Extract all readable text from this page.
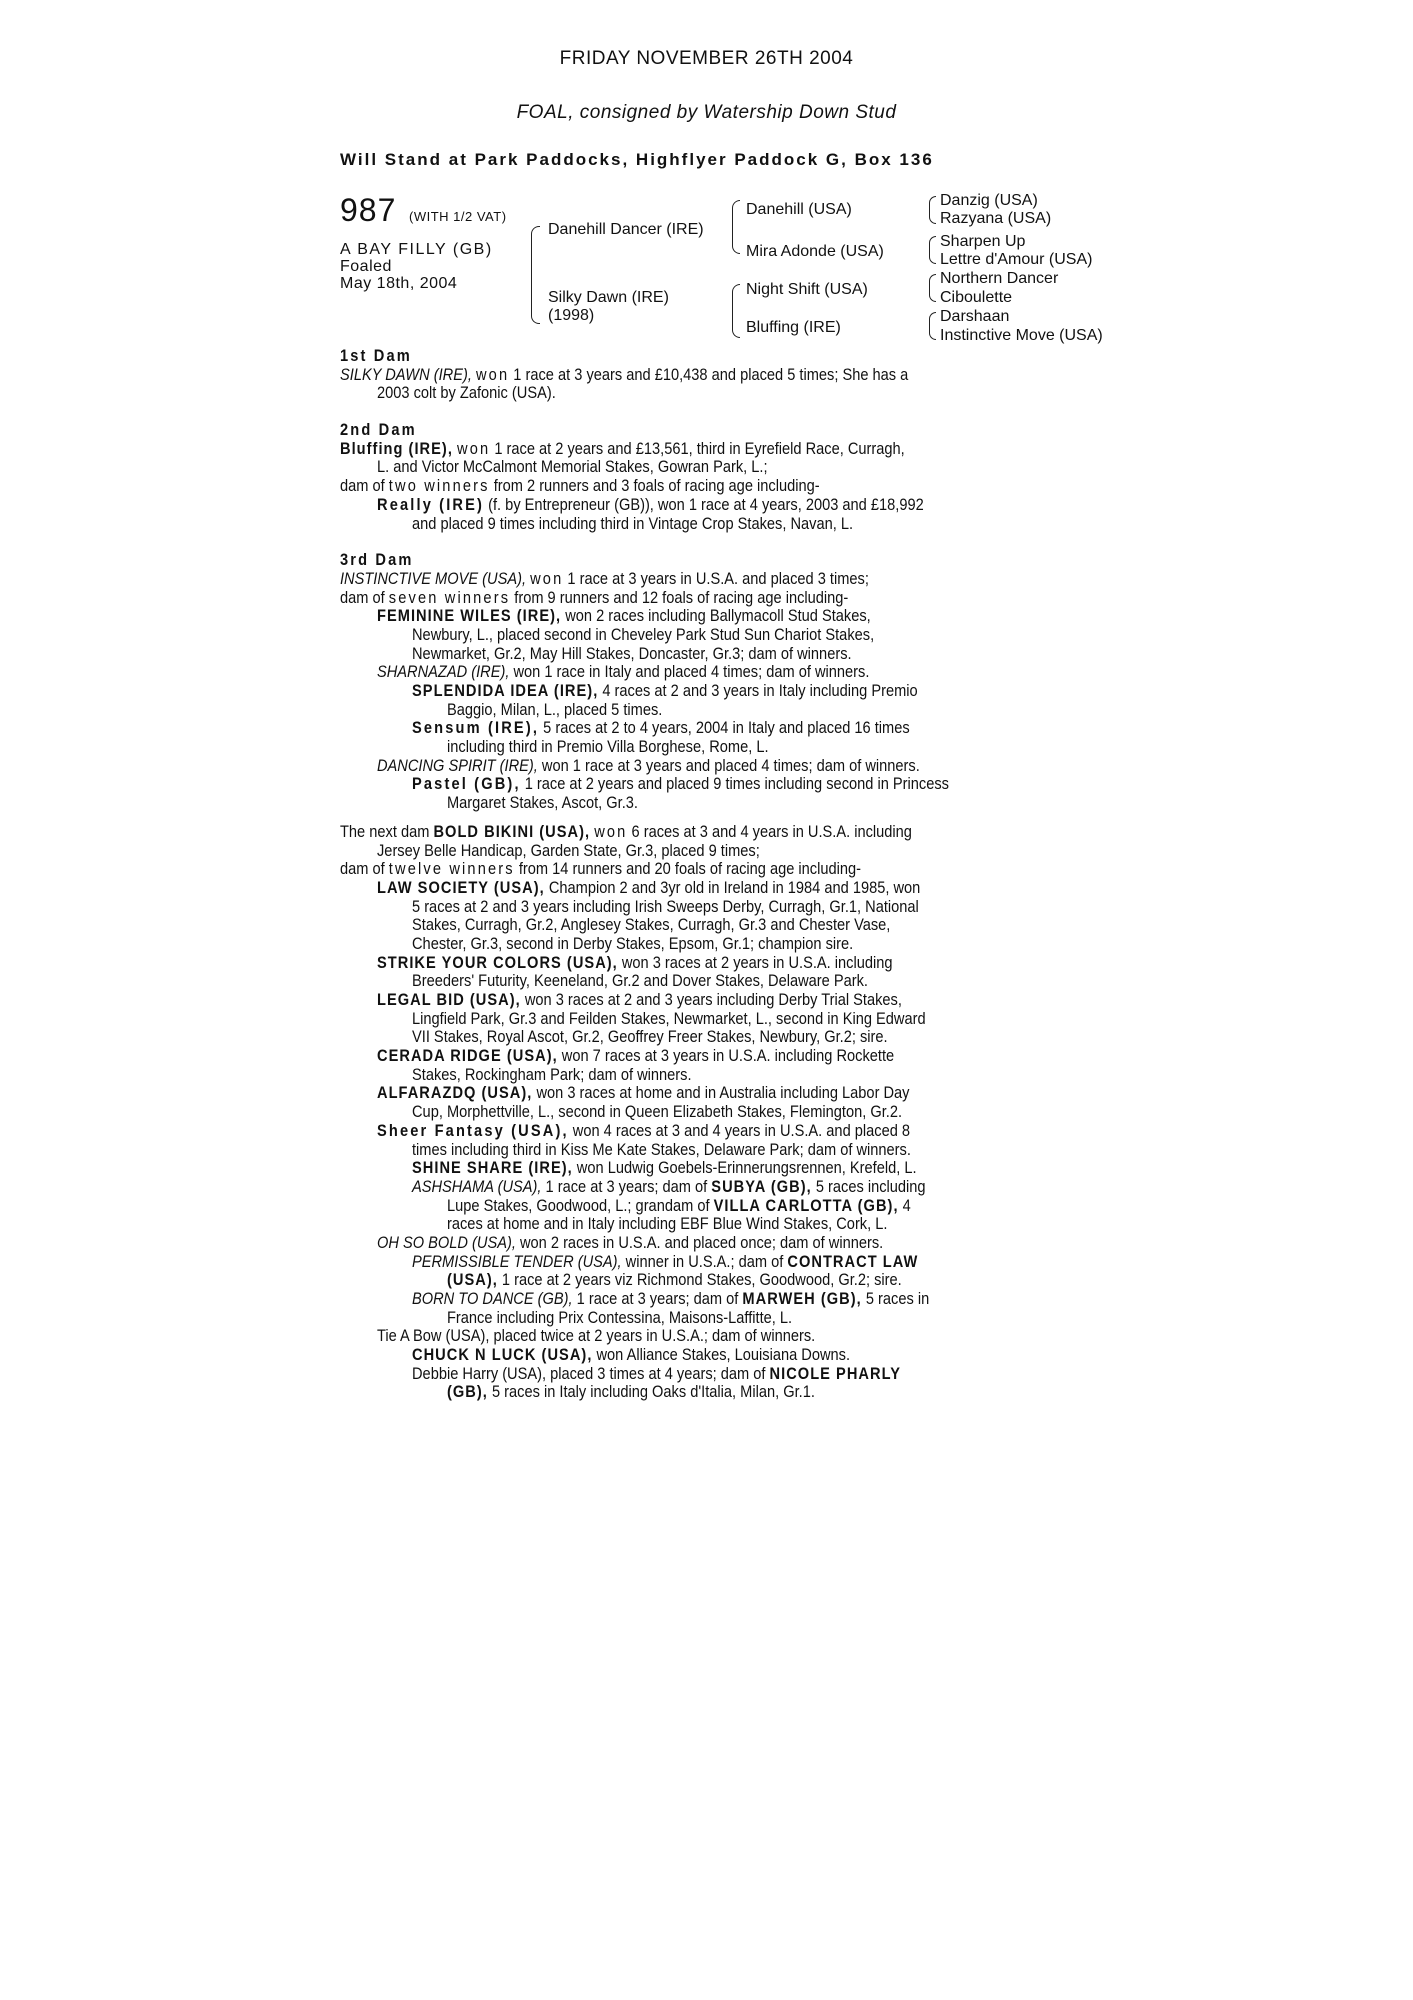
FRIDAY NOVEMBER 26TH 2004
FOAL, consigned by Watership Down Stud
Will Stand at Park Paddocks, Highflyer Paddock G, Box 136
987 (WITH 1/2 VAT)
A BAY FILLY (GB)
Foaled
May 18th, 2004
Danehill Dancer (IRE)
Silky Dawn (IRE)
(1998)
Danehill (USA)
Mira Adonde (USA)
Night Shift (USA)
Bluffing (IRE)
Danzig (USA)
Razyana (USA)
Sharpen Up
Lettre d'Amour (USA)
Northern Dancer
Ciboulette
Darshaan
Instinctive Move (USA)
1st Dam
SILKY DAWN (IRE), won 1 race at 3 years and £10,438 and placed 5 times; She has a
2003 colt by Zafonic (USA).
2nd Dam
Bluffing (IRE), won 1 race at 2 years and £13,561, third in Eyrefield Race, Curragh,
L. and Victor McCalmont Memorial Stakes, Gowran Park, L.;
dam of two winners from 2 runners and 3 foals of racing age including-
Really (IRE) (f. by Entrepreneur (GB)), won 1 race at 4 years, 2003 and £18,992
and placed 9 times including third in Vintage Crop Stakes, Navan, L.
3rd Dam
INSTINCTIVE MOVE (USA), won 1 race at 3 years in U.S.A. and placed 3 times;
dam of seven winners from 9 runners and 12 foals of racing age including-
FEMININE WILES (IRE), won 2 races including Ballymacoll Stud Stakes,
Newbury, L., placed second in Cheveley Park Stud Sun Chariot Stakes,
Newmarket, Gr.2, May Hill Stakes, Doncaster, Gr.3; dam of winners.
SHARNAZAD (IRE), won 1 race in Italy and placed 4 times; dam of winners.
SPLENDIDA IDEA (IRE), 4 races at 2 and 3 years in Italy including Premio
Baggio, Milan, L., placed 5 times.
Sensum (IRE), 5 races at 2 to 4 years, 2004 in Italy and placed 16 times
including third in Premio Villa Borghese, Rome, L.
DANCING SPIRIT (IRE), won 1 race at 3 years and placed 4 times; dam of winners.
Pastel (GB), 1 race at 2 years and placed 9 times including second in Princess
Margaret Stakes, Ascot, Gr.3.
The next dam BOLD BIKINI (USA), won 6 races at 3 and 4 years in U.S.A. including
Jersey Belle Handicap, Garden State, Gr.3, placed 9 times;
dam of twelve winners from 14 runners and 20 foals of racing age including-
LAW SOCIETY (USA), Champion 2 and 3yr old in Ireland in 1984 and 1985, won
5 races at 2 and 3 years including Irish Sweeps Derby, Curragh, Gr.1, National
Stakes, Curragh, Gr.2, Anglesey Stakes, Curragh, Gr.3 and Chester Vase,
Chester, Gr.3, second in Derby Stakes, Epsom, Gr.1; champion sire.
STRIKE YOUR COLORS (USA), won 3 races at 2 years in U.S.A. including
Breeders' Futurity, Keeneland, Gr.2 and Dover Stakes, Delaware Park.
LEGAL BID (USA), won 3 races at 2 and 3 years including Derby Trial Stakes,
Lingfield Park, Gr.3 and Feilden Stakes, Newmarket, L., second in King Edward
VII Stakes, Royal Ascot, Gr.2, Geoffrey Freer Stakes, Newbury, Gr.2; sire.
CERADA RIDGE (USA), won 7 races at 3 years in U.S.A. including Rockette
Stakes, Rockingham Park; dam of winners.
ALFARAZDQ (USA), won 3 races at home and in Australia including Labor Day
Cup, Morphettville, L., second in Queen Elizabeth Stakes, Flemington, Gr.2.
Sheer Fantasy (USA), won 4 races at 3 and 4 years in U.S.A. and placed 8
times including third in Kiss Me Kate Stakes, Delaware Park; dam of winners.
SHINE SHARE (IRE), won Ludwig Goebels-Erinnerungsrennen, Krefeld, L.
ASHSHAMA (USA), 1 race at 3 years; dam of SUBYA (GB), 5 races including
Lupe Stakes, Goodwood, L.; grandam of VILLA CARLOTTA (GB), 4
races at home and in Italy including EBF Blue Wind Stakes, Cork, L.
OH SO BOLD (USA), won 2 races in U.S.A. and placed once; dam of winners.
PERMISSIBLE TENDER (USA), winner in U.S.A.; dam of CONTRACT LAW
(USA), 1 race at 2 years viz Richmond Stakes, Goodwood, Gr.2; sire.
BORN TO DANCE (GB), 1 race at 3 years; dam of MARWEH (GB), 5 races in
France including Prix Contessina, Maisons-Laffitte, L.
Tie A Bow (USA), placed twice at 2 years in U.S.A.; dam of winners.
CHUCK N LUCK (USA), won Alliance Stakes, Louisiana Downs.
Debbie Harry (USA), placed 3 times at 4 years; dam of NICOLE PHARLY
(GB), 5 races in Italy including Oaks d'Italia, Milan, Gr.1.
